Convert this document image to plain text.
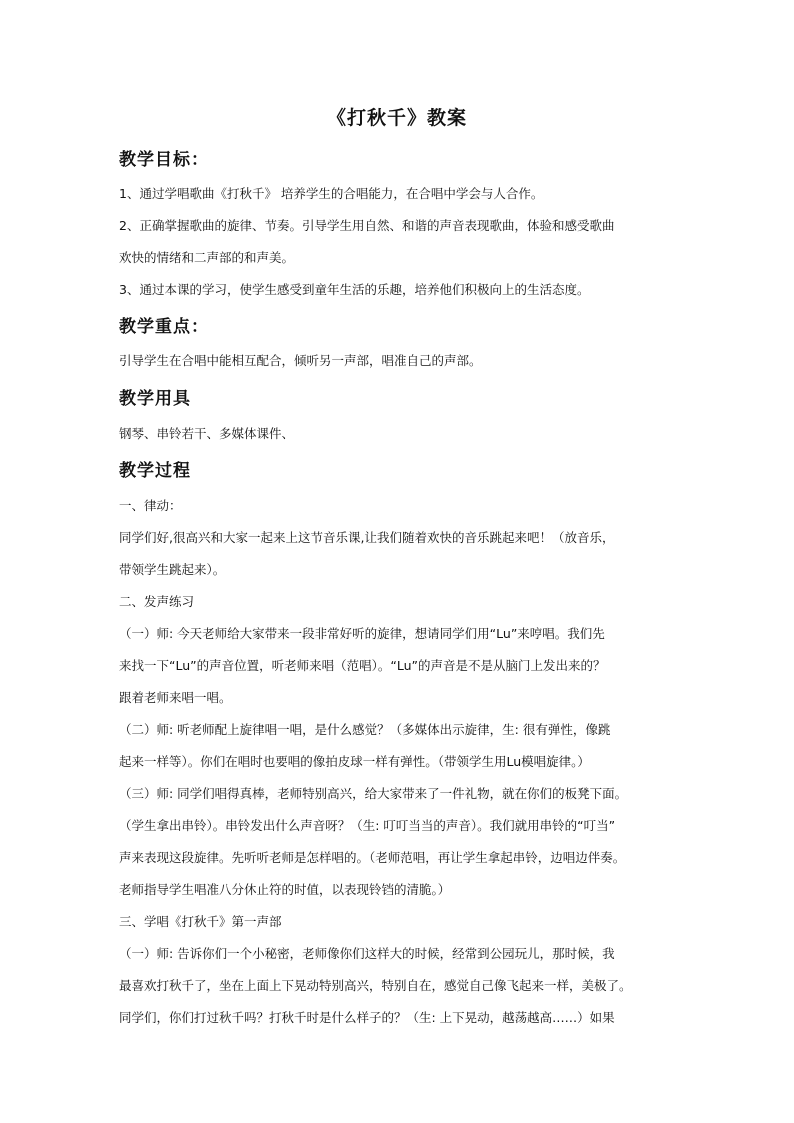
《打秋千》教案
教学目标：
1、通过学唱歌曲《打秋千》 培养学生的合唱能力，在合唱中学会与人合作。
2、正确掌握歌曲的旋律、节奏。引导学生用自然、和谐的声音表现歌曲，体验和感受歌曲
欢快的情绪和二声部的和声美。
3、通过本课的学习，使学生感受到童年生活的乐趣，培养他们积极向上的生活态度。
教学重点：
引导学生在合唱中能相互配合，倾听另一声部，唱准自己的声部。
教学用具
钢琴、串铃若干、多媒体课件、
教学过程
一、律动：
同学们好,很高兴和大家一起来上这节音乐课,让我们随着欢快的音乐跳起来吧！（放音乐，
带领学生跳起来）。
二、发声练习
（一）师: 今天老师给大家带来一段非常好听的旋律，想请同学们用“Lu”来哼唱。我们先
来找一下“Lu”的声音位置，听老师来唱（范唱）。“Lu”的声音是不是从脑门上发出来的？
跟着老师来唱一唱。
（二）师: 听老师配上旋律唱一唱，是什么感觉？（多媒体出示旋律，生: 很有弹性，像跳
起来一样等）。你们在唱时也要唱的像拍皮球一样有弹性。（带领学生用Lu模唱旋律。）
（三）师: 同学们唱得真棒，老师特别高兴，给大家带来了一件礼物，就在你们的板凳下面。
（学生拿出串铃）。串铃发出什么声音呀？（生: 叮叮当当的声音）。我们就用串铃的“叮当”
声来表现这段旋律。先听听老师是怎样唱的。（老师范唱，再让学生拿起串铃，边唱边伴奏。
老师指导学生唱准八分休止符的时值，以表现铃铛的清脆。）
三、学唱《打秋千》第一声部
（一）师: 告诉你们一个小秘密，老师像你们这样大的时候，经常到公园玩儿，那时候，我
最喜欢打秋千了，坐在上面上下晃动特别高兴，特别自在，感觉自己像飞起来一样，美极了。
同学们，你们打过秋千吗？打秋千时是什么样子的？（生: 上下晃动，越荡越高……）如果
